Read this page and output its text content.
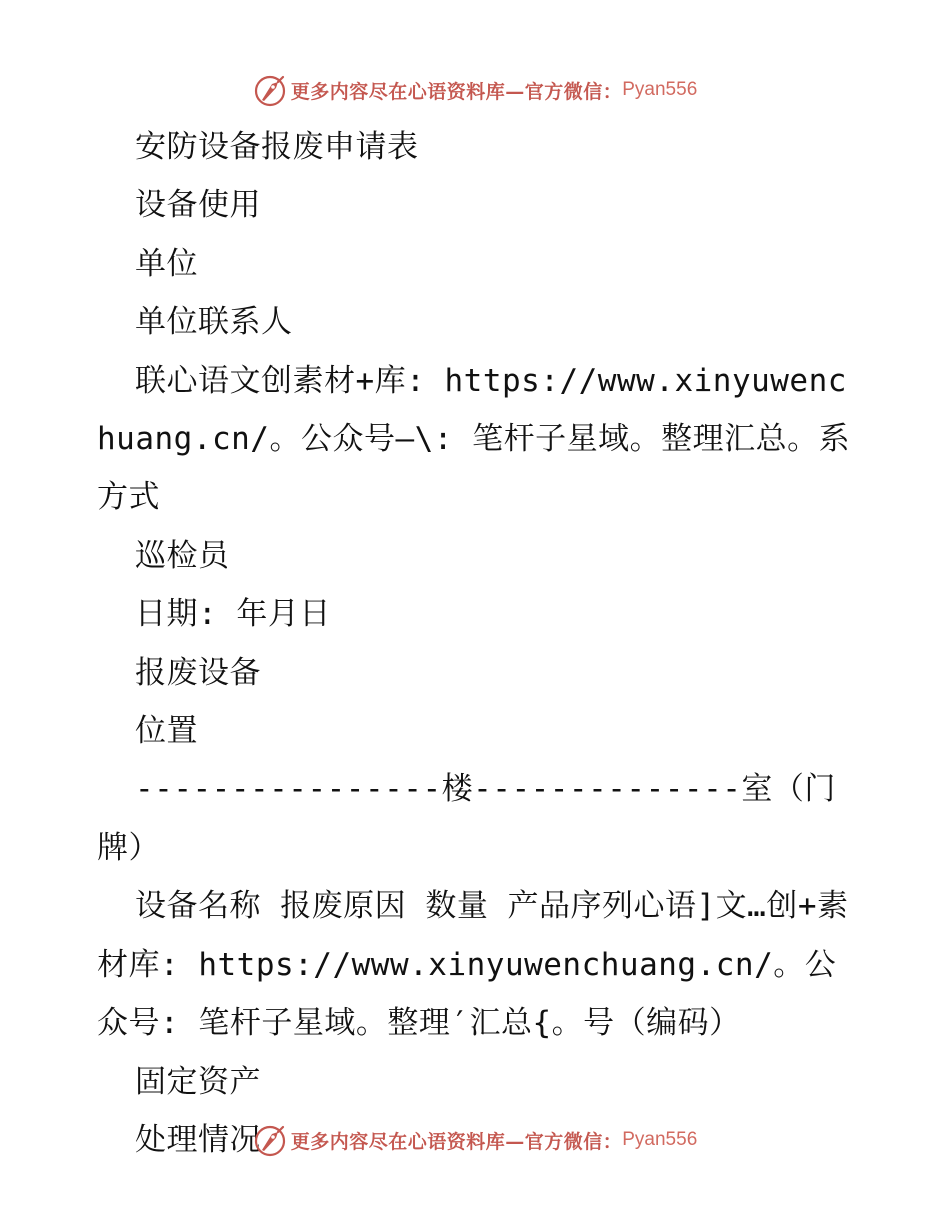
更多内容尽在心语资料库—官方微信： Pyan556

安防设备报废申请表

设备使用

单位

单位联系人

联心语文创素材+库: https://www.xinyuwenchuang.cn/。公众号—\: 笔杆子星域。整理汇总。系方式

巡检员

日期: 年月日

报废设备

位置

----------------楼--------------室（门牌）

设备名称 报废原因 数量 产品序列心语]文…创+素材库: https://www.xinyuwenchuang.cn/。公众号: 笔杆子星域。整理′汇总{。号（编码）

固定资产

处理情况	更多内容尽在心语资料库—官方微信： Pyan556
